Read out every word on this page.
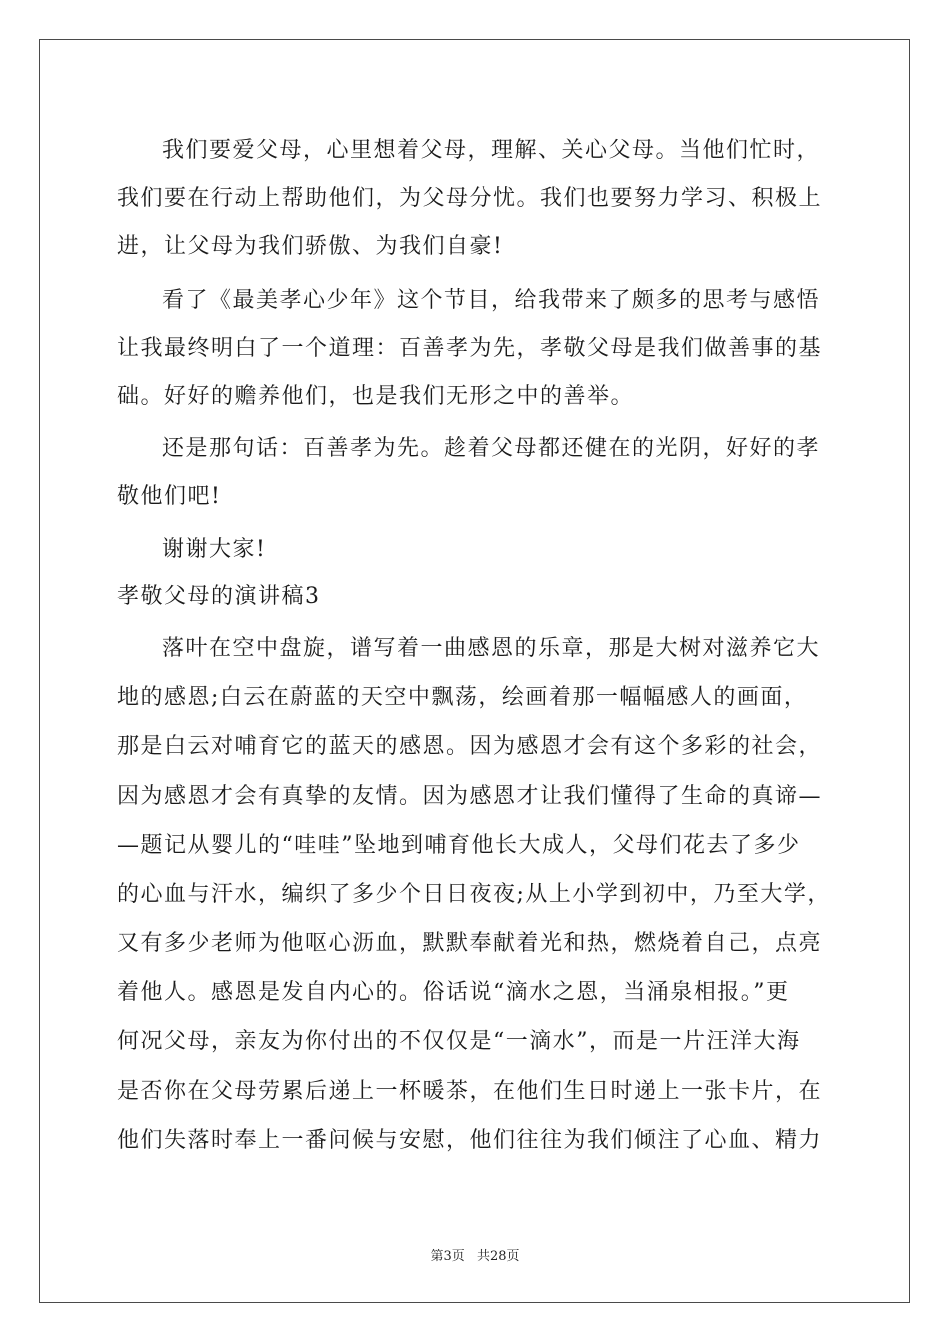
我们要爱父母，心里想着父母，理解、关心父母。当他们忙时，
我们要在行动上帮助他们，为父母分忧。我们也要努力学习、积极上
进，让父母为我们骄傲、为我们自豪!
看了《最美孝心少年》这个节目，给我带来了颇多的思考与感悟
让我最终明白了一个道理：百善孝为先，孝敬父母是我们做善事的基
础。好好的赡养他们，也是我们无形之中的善举。
还是那句话：百善孝为先。趁着父母都还健在的光阴，好好的孝
敬他们吧!
谢谢大家!
孝敬父母的演讲稿3
落叶在空中盘旋，谱写着一曲感恩的乐章，那是大树对滋养它大
地的感恩;白云在蔚蓝的天空中飘荡，绘画着那一幅幅感人的画面，
那是白云对哺育它的蓝天的感恩。因为感恩才会有这个多彩的社会，
因为感恩才会有真挚的友情。因为感恩才让我们懂得了生命的真谛—
—题记从婴儿的“哇哇”坠地到哺育他长大成人，父母们花去了多少
的心血与汗水，编织了多少个日日夜夜;从上小学到初中，乃至大学，
又有多少老师为他呕心沥血，默默奉献着光和热，燃烧着自己，点亮
着他人。感恩是发自内心的。俗话说“滴水之恩，当涌泉相报。”更
何况父母，亲友为你付出的不仅仅是“一滴水”，而是一片汪洋大海
是否你在父母劳累后递上一杯暖茶，在他们生日时递上一张卡片，在
他们失落时奉上一番问候与安慰，他们往往为我们倾注了心血、精力
第3页 共28页
